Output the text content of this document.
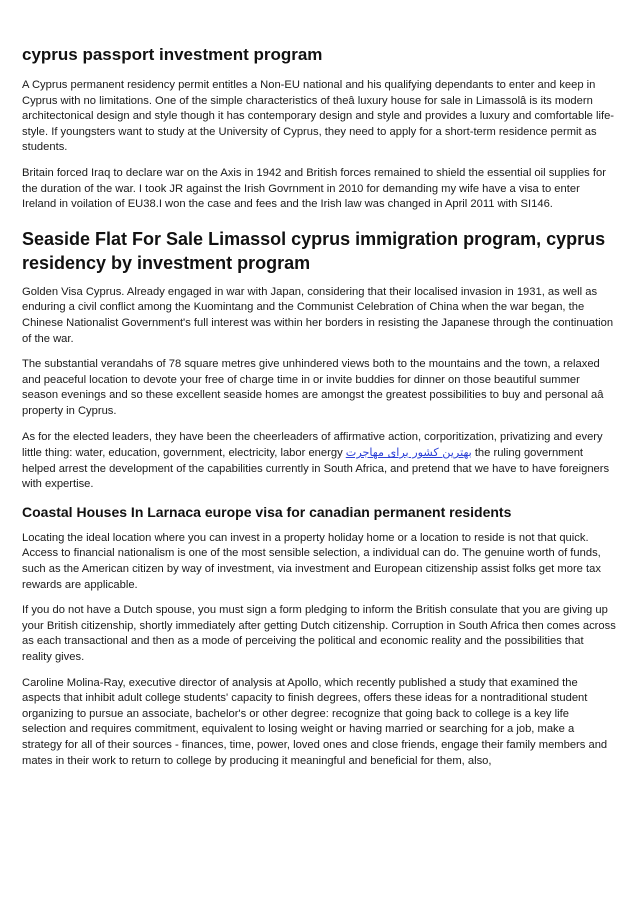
cyprus passport investment program

A Cyprus permanent residency permit entitles a Non-EU national and his qualifying dependants to enter and keep in Cyprus with no limitations. One of the simple characteristics of theâ luxury house for sale in Limassolâ is its modern architectonical design and style though it has contemporary design and style and provides a luxury and comfortable life-style. If youngsters want to study at the University of Cyprus, they need to apply for a short-term residence permit as students.

Britain forced Iraq to declare war on the Axis in 1942 and British forces remained to shield the essential oil supplies for the duration of the war. I took JR against the Irish Govrnment in 2010 for demanding my wife have a visa to enter Ireland in voilation of EU38.I won the case and fees and the Irish law was changed in April 2011 with SI146.

Seaside Flat For Sale Limassol cyprus immigration program, cyprus residency by investment program

Golden Visa Cyprus. Already engaged in war with Japan, considering that their localised invasion in 1931, as well as enduring a civil conflict among the Kuomintang and the Communist Celebration of China when the war began, the Chinese Nationalist Government's full interest was within her borders in resisting the Japanese through the continuation of the war.

The substantial verandahs of 78 square metres give unhindered views both to the mountains and the town, a relaxed and peaceful location to devote your free of charge time in or invite buddies for dinner on those beautiful summer season evenings and so these excellent seaside homes are amongst the greatest possibilities to buy and personal aâ property in Cyprus.

As for the elected leaders, they have been the cheerleaders of affirmative action, corporitization, privatizing and every little thing: water, education, government, electricity, labor energy بهترین کشور برای مهاجرت the ruling government helped arrest the development of the capabilities currently in South Africa, and pretend that we have to have foreigners with expertise.

Coastal Houses In Larnaca europe visa for canadian permanent residents

Locating the ideal location where you can invest in a property holiday home or a location to reside is not that quick. Access to financial nationalism is one of the most sensible selection, a individual can do. The genuine worth of funds, such as the American citizen by way of investment, via investment and European citizenship assist folks get more tax rewards are applicable.

If you do not have a Dutch spouse, you must sign a form pledging to inform the British consulate that you are giving up your British citizenship, shortly immediately after getting Dutch citizenship. Corruption in South Africa then comes across as each transactional and then as a mode of perceiving the political and economic reality and the possibilities that reality gives.

Caroline Molina-Ray, executive director of analysis at Apollo, which recently published a study that examined the aspects that inhibit adult college students' capacity to finish degrees, offers these ideas for a nontraditional student organizing to pursue an associate, bachelor's or other degree: recognize that going back to college is a key life selection and requires commitment, equivalent to losing weight or having married or searching for a job, make a strategy for all of their sources - finances, time, power, loved ones and close friends, engage their family members and mates in their work to return to college by producing it meaningful and beneficial for them, also,
